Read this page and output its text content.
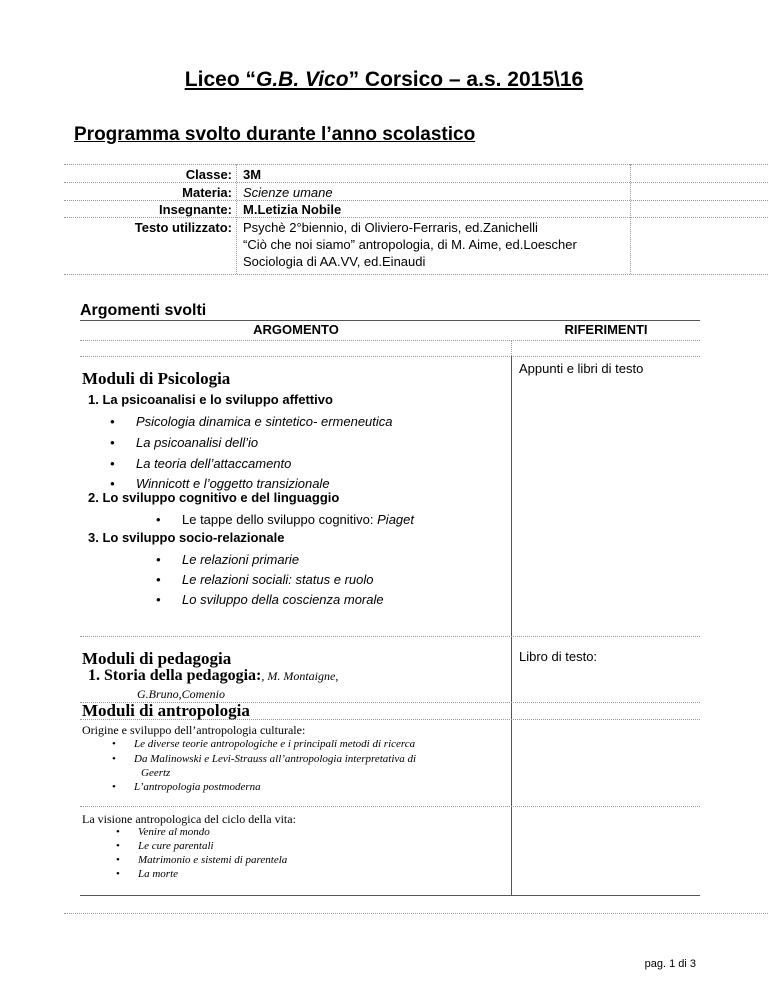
Liceo “G.B. Vico” Corsico – a.s. 2015\16
Programma svolto durante l’anno scolastico
Classe: 3M
Materia: Scienze umane
Insegnante: M.Letizia Nobile
Testo utilizzato: Psychè 2°biennio, di Oliviero-Ferraris, ed.Zanichelli
“Ciò che noi siamo” antropologia, di M. Aime, ed.Loescher
Sociologia di AA.VV, ed.Einaudi
Argomenti svolti
ARGOMENTO	RIFERIMENTI
Moduli di Psicologia
Appunti e libri di testo
1. La psicoanalisi e lo sviluppo affettivo
• Psicologia dinamica e sintetico- ermeneutica
• La psicoanalisi dell’io
• La teoria dell’attaccamento
• Winnicott e l’oggetto transizionale
2. Lo sviluppo cognitivo e del linguaggio
• Le tappe dello sviluppo cognitivo: Piaget
3. Lo sviluppo socio-relazionale
• Le relazioni primarie
• Le relazioni sociali: status e ruolo
• Lo sviluppo della coscienza morale
Moduli di pedagogia	Libro di testo:
1. Storia della pedagogia:, M. Montaigne,
G.Bruno,Comenio
Moduli di antropologia
Origine e sviluppo dell’antropologia culturale:
• Le diverse teorie antropologiche e i principali metodi di ricerca
• Da Malinowski e Levi-Strauss all’antropologia interpretativa di
Geertz
• L’antropologia postmoderna
La visione antropologica del ciclo della vita:
• Venire al mondo
• Le cure parentali
• Matrimonio e sistemi di parentela
• La morte
pag. 1 di 3
